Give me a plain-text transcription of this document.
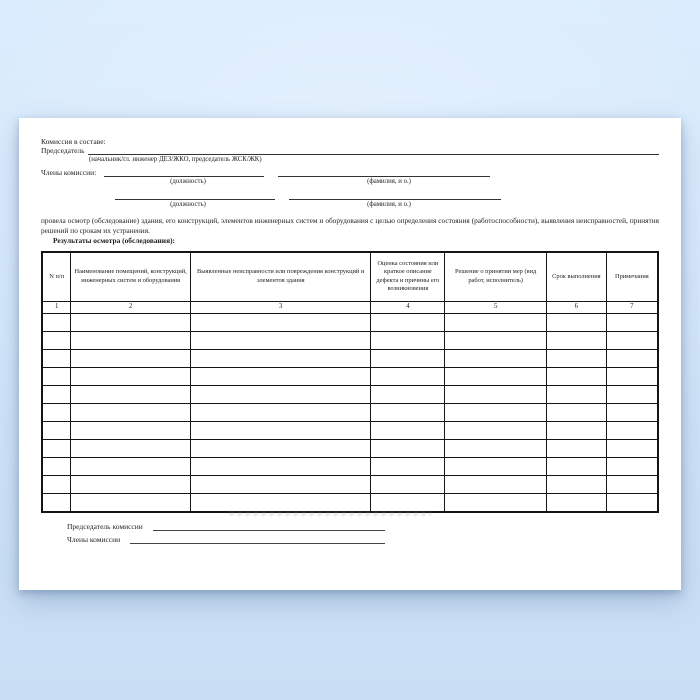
Комиссия в составе:
Председатель
(начальник/гл. инженер ДЕЗ/ЖКО, председатель ЖСК/ЖК)
Члены комиссии:
(должность)	(фамилия, и о.)
(должность)	(фамилия, и о.)

провела осмотр (обследование) здания, его конструкций, элементов инженерных систем и оборудования с целью определения состояния (работоспособности), выявления неисправностей, принятия решений по срокам их устранения.

Результаты осмотра (обследования):
N п/п	Наименование помещений, конструкций, инженерных систем и оборудования	Выявленные неисправности или повреждения конструкций и элементов здания	Оценка состояния или краткое описание дефекта и причины его возникновения	Решение о принятии мер (вид работ, исполнитель)	Срок выполнения	Примечания
1	2	3	4	5	6	7

Председатель комиссии
Члены комиссии
